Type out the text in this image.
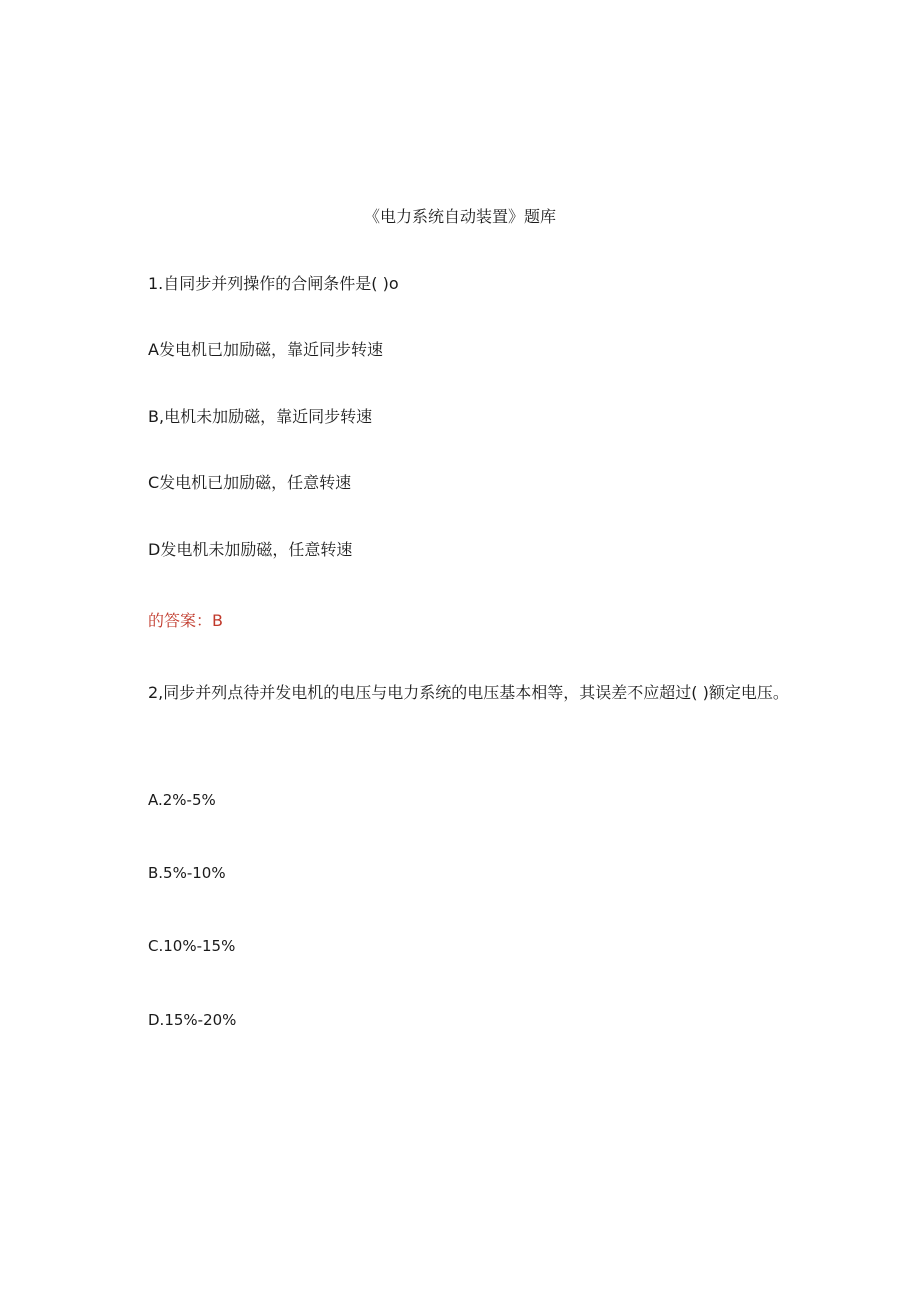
《电力系统自动装置》题库
1.自同步并列操作的合闸条件是( )o
A发电机已加励磁，靠近同步转速
B,电机未加励磁，靠近同步转速
C发电机已加励磁，任意转速
D发电机未加励磁，任意转速
的答案：B
2,同步并列点待并发电机的电压与电力系统的电压基本相等，其误差不应超过( )额定电压。
A.2%-5%
B.5%-10%
C.10%-15%
D.15%-20%
